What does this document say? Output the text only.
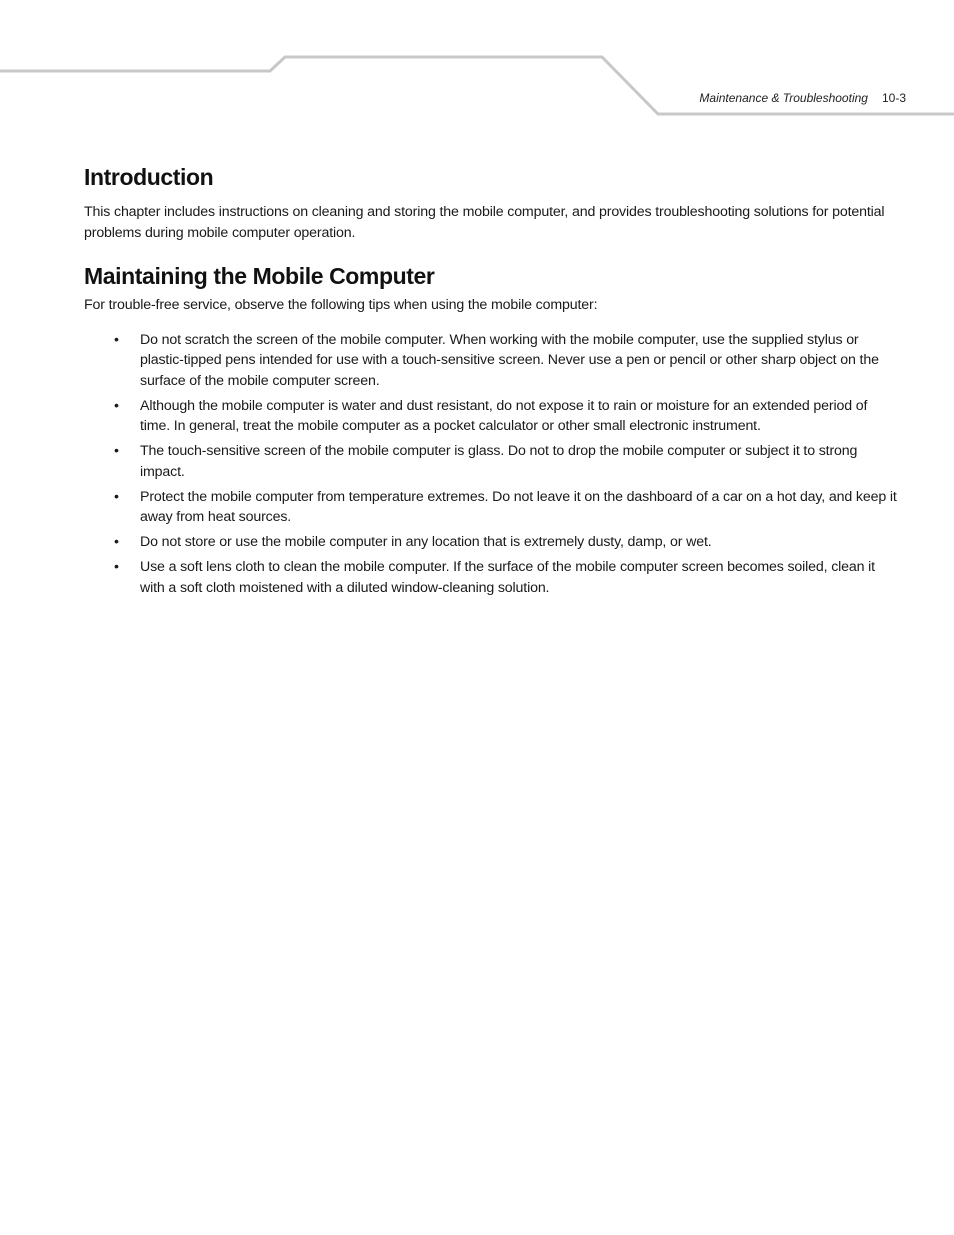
Maintenance & Troubleshooting 10-3
Introduction

This chapter includes instructions on cleaning and storing the mobile computer, and provides troubleshooting solutions for potential problems during mobile computer operation.

Maintaining the Mobile Computer

For trouble-free service, observe the following tips when using the mobile computer:

• Do not scratch the screen of the mobile computer. When working with the mobile computer, use the supplied stylus or plastic-tipped pens intended for use with a touch-sensitive screen. Never use a pen or pencil or other sharp object on the surface of the mobile computer screen.
• Although the mobile computer is water and dust resistant, do not expose it to rain or moisture for an extended period of time. In general, treat the mobile computer as a pocket calculator or other small electronic instrument.
• The touch-sensitive screen of the mobile computer is glass. Do not to drop the mobile computer or subject it to strong impact.
• Protect the mobile computer from temperature extremes. Do not leave it on the dashboard of a car on a hot day, and keep it away from heat sources.
• Do not store or use the mobile computer in any location that is extremely dusty, damp, or wet.
• Use a soft lens cloth to clean the mobile computer. If the surface of the mobile computer screen becomes soiled, clean it with a soft cloth moistened with a diluted window-cleaning solution.
